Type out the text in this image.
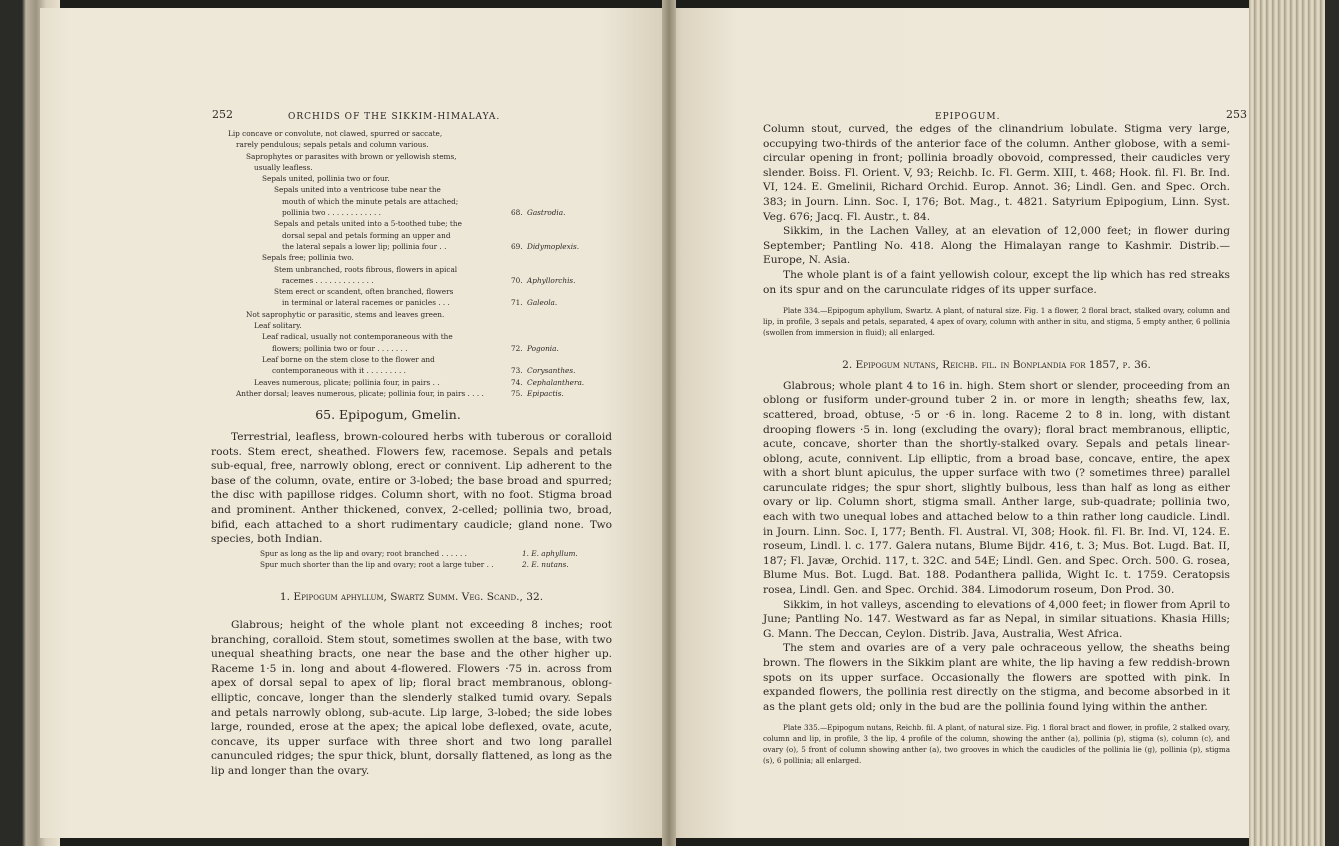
252	ORCHIDS OF THE SIKKIM-HIMALAYA.
Lip concave or convolute, not clawed, spurred or saccate,
rarely pendulous; sepals petals and column various.
Saprophytes or parasites with brown or yellowish stems,
usually leafless.
Sepals united, pollinia two or four.
Sepals united into a ventricose tube near the
mouth of which the minute petals are attached;
pollinia two . . . . . . . . . . . .	68. Gastrodia.
Sepals and petals united into a 5-toothed tube; the
dorsal sepal and petals forming an upper and
the lateral sepals a lower lip; pollinia four . .	69. Didymoplexis.
Sepals free; pollinia two.
Stem unbranched, roots fibrous, flowers in apical
racemes . . . . . . . . . . . . .	70. Aphyllorchis.
Stem erect or scandent, often branched, flowers
in terminal or lateral racemes or panicles . . .	71. Galeola.
Not saprophytic or parasitic, stems and leaves green.
Leaf solitary.
Leaf radical, usually not contemporaneous with the
flowers; pollinia two or four . . . . . . .	72. Pogonia.
Leaf borne on the stem close to the flower and
contemporaneous with it . . . . . . . . .	73. Corysanthes.
Leaves numerous, plicate; pollinia four, in pairs . .	74. Cephalanthera.
Anther dorsal; leaves numerous, plicate; pollinia four, in pairs . . . .	75. Epipactis.
65. Epipogum, Gmelin.

Terrestrial, leafless, brown-coloured herbs with tuberous or coralloid roots. Stem erect, sheathed. Flowers few, racemose. Sepals and petals sub-equal, free, narrowly oblong, erect or connivent. Lip adherent to the base of the column, ovate, entire or 3-lobed; the base broad and spurred; the disc with papillose ridges. Column short, with no foot. Stigma broad and prominent. Anther thickened, convex, 2-celled; pollinia two, broad, bifid, each attached to a short rudimentary caudicle; gland none. Two species, both Indian.

Spur as long as the lip and ovary; root branched . . . . . .	1. E. aphyllum.
Spur much shorter than the lip and ovary; root a large tuber . .	2. E. nutans.
1. Epipogum aphyllum, Swartz Summ. Veg. Scand., 32.

Glabrous; height of the whole plant not exceeding 8 inches; root branching, coralloid. Stem stout, sometimes swollen at the base, with two unequal sheathing bracts, one near the base and the other higher up. Raceme 1·5 in. long and about 4-flowered. Flowers ·75 in. across from apex of dorsal sepal to apex of lip; floral bract membranous, oblong-elliptic, concave, longer than the slenderly stalked tumid ovary. Sepals and petals narrowly oblong, sub-acute. Lip large, 3-lobed; the side lobes large, rounded, erose at the apex; the apical lobe deflexed, ovate, acute, concave, its upper surface with three short and two long parallel canunculed ridges; the spur thick, blunt, dorsally flattened, as long as the lip and longer than the ovary.

EPIPOGUM.	253

Column stout, curved, the edges of the clinandrium lobulate. Stigma very large, occupying two-thirds of the anterior face of the column. Anther globose, with a semi-circular opening in front; pollinia broadly obovoid, compressed, their caudicles very slender. Boiss. Fl. Orient. V, 93; Reichb. Ic. Fl. Germ. XIII, t. 468; Hook. fil. Fl. Br. Ind. VI, 124. E. Gmelinii, Richard Orchid. Europ. Annot. 36; Lindl. Gen. and Spec. Orch. 383; in Journ. Linn. Soc. I, 176; Bot. Mag., t. 4821. Satyrium Epipogium, Linn. Syst. Veg. 676; Jacq. Fl. Austr., t. 84.

Sikkim, in the Lachen Valley, at an elevation of 12,000 feet; in flower during September; Pantling No. 418. Along the Himalayan range to Kashmir. Distrib.—Europe, N. Asia.

The whole plant is of a faint yellowish colour, except the lip which has red streaks on its spur and on the carunculate ridges of its upper surface.

Plate 334.—Epipogum aphyllum, Swartz. A plant, of natural size. Fig. 1 a flower, 2 floral bract, stalked ovary, column and lip, in profile, 3 sepals and petals, separated, 4 apex of ovary, column with anther in situ, and stigma, 5 empty anther, 6 pollinia (swollen from immersion in fluid); all enlarged.

2. Epipogum nutans, Reichb. fil. in Bonplandia for 1857, p. 36.

Glabrous; whole plant 4 to 16 in. high. Stem short or slender, proceeding from an oblong or fusiform under-ground tuber 2 in. or more in length; sheaths few, lax, scattered, broad, obtuse, ·5 or ·6 in. long. Raceme 2 to 8 in. long, with distant drooping flowers ·5 in. long (excluding the ovary); floral bract membranous, elliptic, acute, concave, shorter than the shortly-stalked ovary. Sepals and petals linear-oblong, acute, connivent. Lip elliptic, from a broad base, concave, entire, the apex with a short blunt apiculus, the upper surface with two (? sometimes three) parallel carunculate ridges; the spur short, slightly bulbous, less than half as long as either ovary or lip. Column short, stigma small. Anther large, sub-quadrate; pollinia two, each with two unequal lobes and attached below to a thin rather long caudicle. Lindl. in Journ. Linn. Soc. I, 177; Benth. Fl. Austral. VI, 308; Hook. fil. Fl. Br. Ind. VI, 124. E. roseum, Lindl. l. c. 177. Galera nutans, Blume Bijdr. 416, t. 3; Mus. Bot. Lugd. Bat. II, 187; Fl. Javæ, Orchid. 117, t. 32C. and 54E; Lindl. Gen. and Spec. Orch. 500. G. rosea, Blume Mus. Bot. Lugd. Bat. 188. Podanthera pallida, Wight Ic. t. 1759. Ceratopsis rosea, Lindl. Gen. and Spec. Orchid. 384. Limodorum roseum, Don Prod. 30.

Sikkim, in hot valleys, ascending to elevations of 4,000 feet; in flower from April to June; Pantling No. 147. Westward as far as Nepal, in similar situations. Khasia Hills; G. Mann. The Deccan, Ceylon. Distrib. Java, Australia, West Africa.

The stem and ovaries are of a very pale ochraceous yellow, the sheaths being brown. The flowers in the Sikkim plant are white, the lip having a few reddish-brown spots on its upper surface. Occasionally the flowers are spotted with pink. In expanded flowers, the pollinia rest directly on the stigma, and become absorbed in it as the plant gets old; only in the bud are the pollinia found lying within the anther.

Plate 335.—Epipogum nutans, Reichb. fil. A plant, of natural size. Fig. 1 floral bract and flower, in profile, 2 stalked ovary, column and lip, in profile, 3 the lip, 4 profile of the column, showing the anther (a), pollinia (p), stigma (s), column (c), and ovary (o), 5 front of column showing anther (a), two grooves in which the caudicles of the pollinia lie (g), pollinia (p), stigma (s), 6 pollinia; all enlarged.
